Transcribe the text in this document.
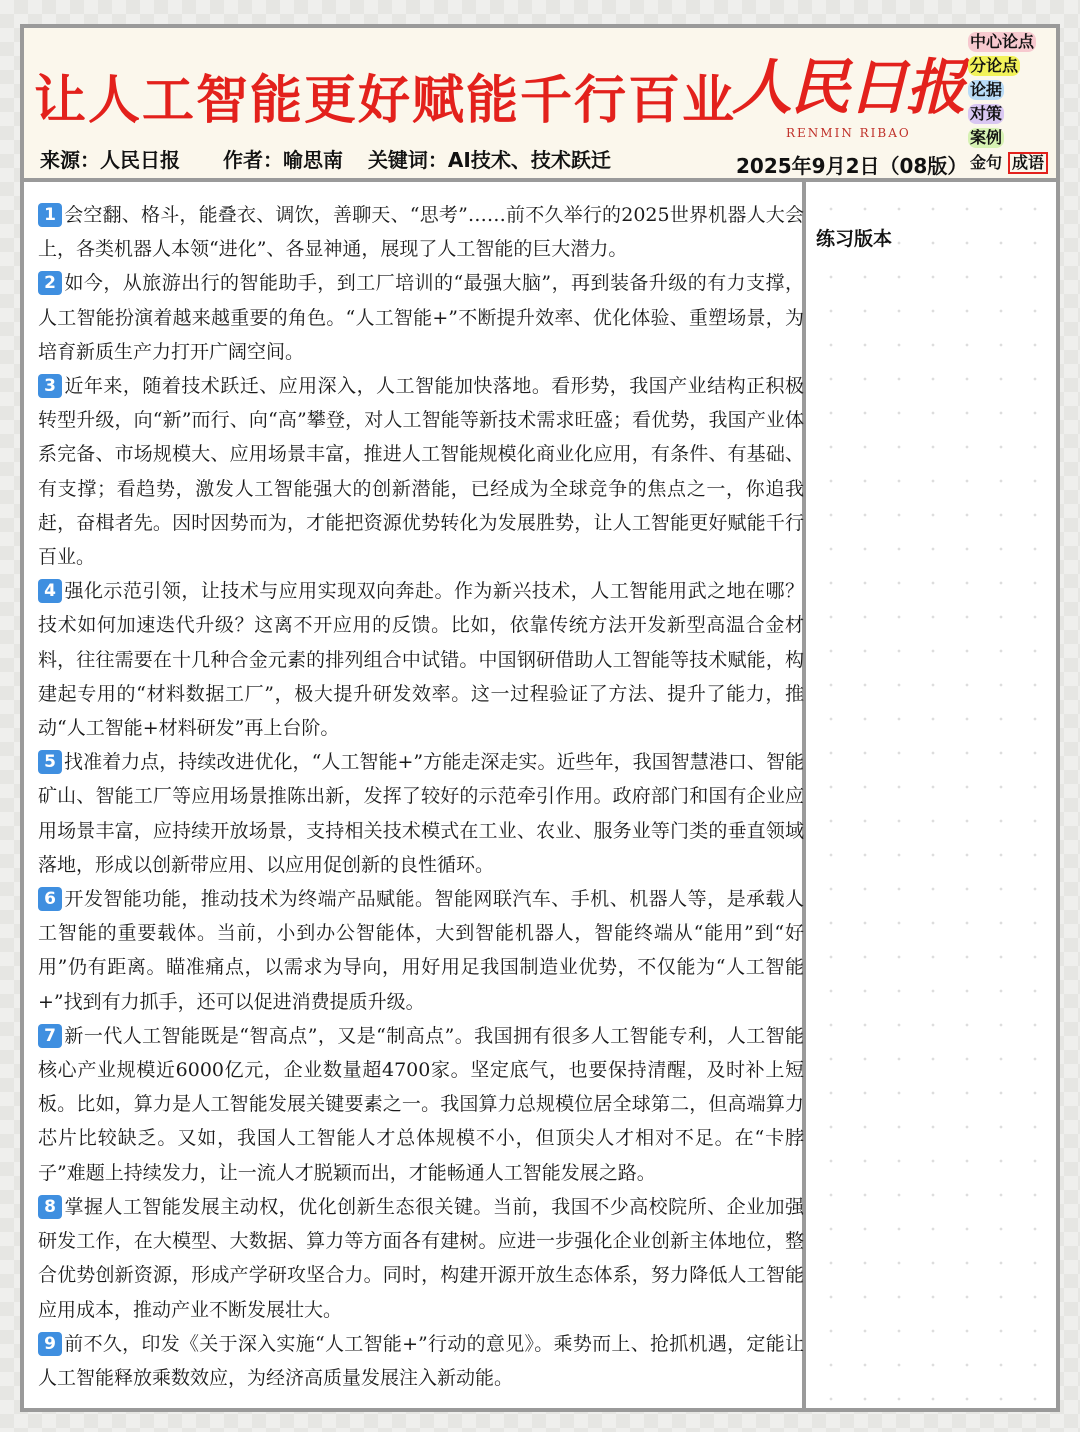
让人工智能更好赋能千行百业
来源：人民日报 作者：喻思南 关键词：AI技术、技术跃迁
人民日报
RENMIN RIBAO
2025年9月2日（08版）
中心论点
分论点
论据
对策
案例
金句 成语

1 会空翻、格斗，能叠衣、调饮，善聊天、“思考”……前不久举行的2025世界机器人大会上，各类机器人本领“进化”、各显神通，展现了人工智能的巨大潜力。

2 如今，从旅游出行的智能助手，到工厂培训的“最强大脑”，再到装备升级的有力支撑，人工智能扮演着越来越重要的角色。“人工智能+”不断提升效率、优化体验、重塑场景，为培育新质生产力打开广阔空间。

3 近年来，随着技术跃迁、应用深入，人工智能加快落地。看形势，我国产业结构正积极转型升级，向“新”而行、向“高”攀登，对人工智能等新技术需求旺盛；看优势，我国产业体系完备、市场规模大、应用场景丰富，推进人工智能规模化商业化应用，有条件、有基础、有支撑；看趋势，激发人工智能强大的创新潜能，已经成为全球竞争的焦点之一，你追我赶，奋楫者先。因时因势而为，才能把资源优势转化为发展胜势，让人工智能更好赋能千行百业。

4 强化示范引领，让技术与应用实现双向奔赴。作为新兴技术，人工智能用武之地在哪？技术如何加速迭代升级？这离不开应用的反馈。比如，依靠传统方法开发新型高温合金材料，往往需要在十几种合金元素的排列组合中试错。中国钢研借助人工智能等技术赋能，构建起专用的“材料数据工厂”，极大提升研发效率。这一过程验证了方法、提升了能力，推动“人工智能+材料研发”再上台阶。

5 找准着力点，持续改进优化，“人工智能+”方能走深走实。近些年，我国智慧港口、智能矿山、智能工厂等应用场景推陈出新，发挥了较好的示范牵引作用。政府部门和国有企业应用场景丰富，应持续开放场景，支持相关技术模式在工业、农业、服务业等门类的垂直领域落地，形成以创新带应用、以应用促创新的良性循环。

6 开发智能功能，推动技术为终端产品赋能。智能网联汽车、手机、机器人等，是承载人工智能的重要载体。当前，小到办公智能体，大到智能机器人，智能终端从“能用”到“好用”仍有距离。瞄准痛点，以需求为导向，用好用足我国制造业优势，不仅能为“人工智能+”找到有力抓手，还可以促进消费提质升级。

7 新一代人工智能既是“智高点”，又是“制高点”。我国拥有很多人工智能专利，人工智能核心产业规模近6000亿元，企业数量超4700家。坚定底气，也要保持清醒，及时补上短板。比如，算力是人工智能发展关键要素之一。我国算力总规模位居全球第二，但高端算力芯片比较缺乏。又如，我国人工智能人才总体规模不小，但顶尖人才相对不足。在“卡脖子”难题上持续发力，让一流人才脱颖而出，才能畅通人工智能发展之路。

8 掌握人工智能发展主动权，优化创新生态很关键。当前，我国不少高校院所、企业加强研发工作，在大模型、大数据、算力等方面各有建树。应进一步强化企业创新主体地位，整合优势创新资源，形成产学研攻坚合力。同时，构建开源开放生态体系，努力降低人工智能应用成本，推动产业不断发展壮大。

9 前不久，印发《关于深入实施“人工智能+”行动的意见》。乘势而上、抢抓机遇，定能让人工智能释放乘数效应，为经济高质量发展注入新动能。

练习版本
